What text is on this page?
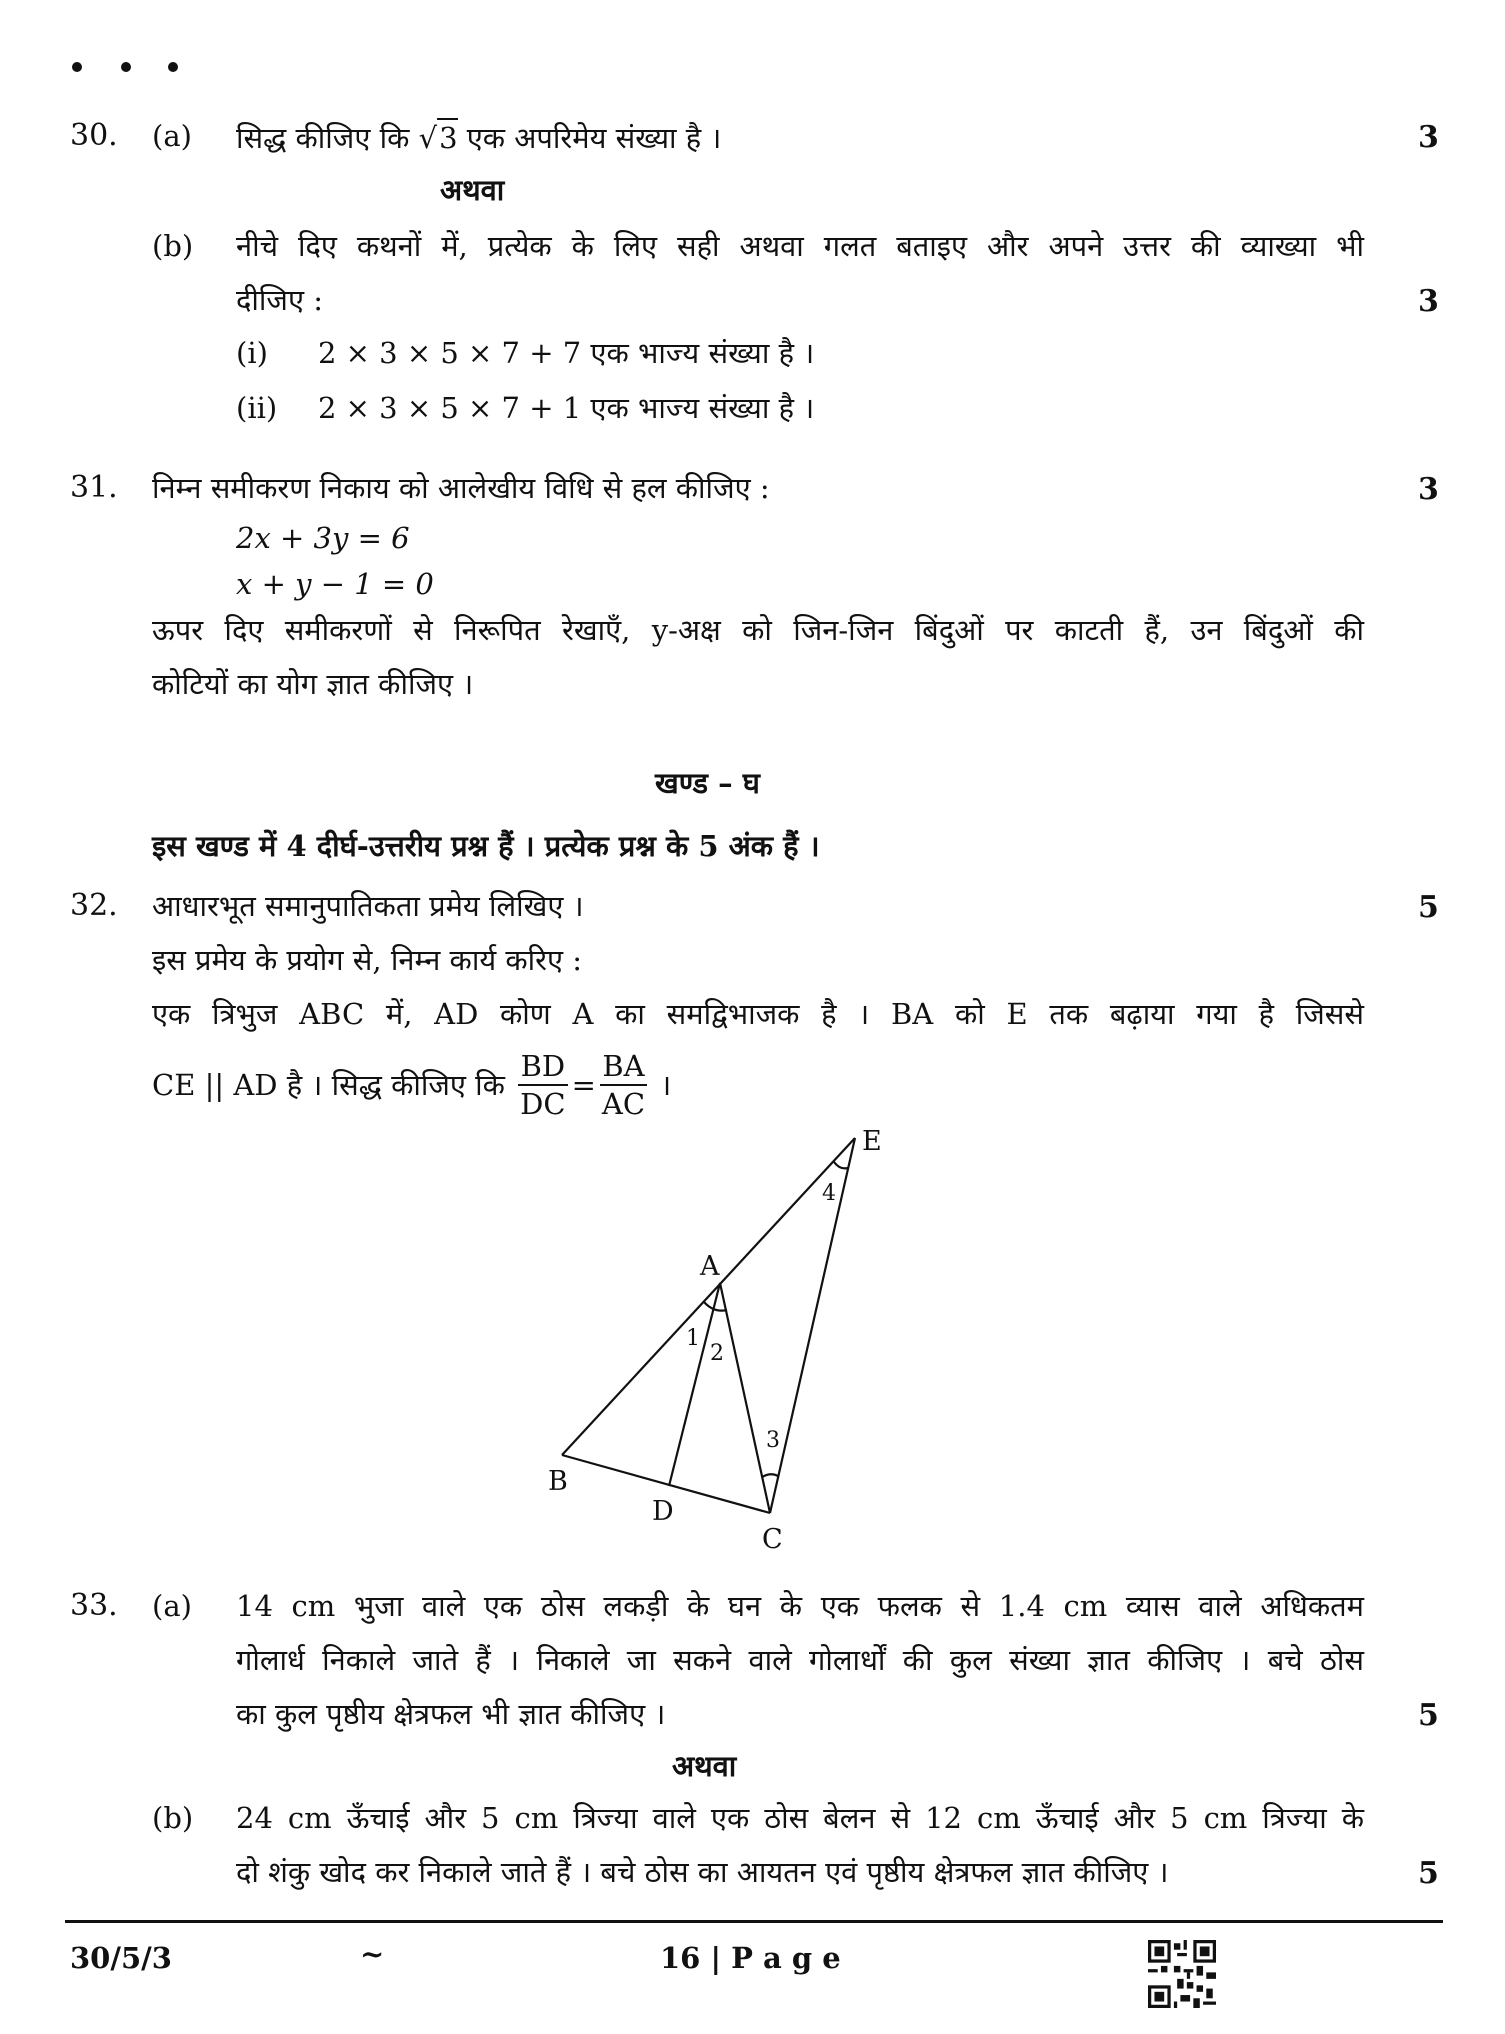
30. (a) सिद्ध कीजिए कि √3 एक अपरिमेय संख्या है ।	3
अथवा
(b) नीचे दिए कथनों में, प्रत्येक के लिए सही अथवा गलत बताइए और अपने उत्तर की व्याख्या भी
दीजिए :	3
(i) 2 × 3 × 5 × 7 + 7 एक भाज्य संख्या है ।
(ii) 2 × 3 × 5 × 7 + 1 एक भाज्य संख्या है ।
31. निम्न समीकरण निकाय को आलेखीय विधि से हल कीजिए :	3
2x + 3y = 6
x + y − 1 = 0
ऊपर दिए समीकरणों से निरूपित रेखाएँ, y-अक्ष को जिन-जिन बिंदुओं पर काटती हैं, उन बिंदुओं की
कोटियों का योग ज्ञात कीजिए ।
खण्ड – घ
इस खण्ड में 4 दीर्घ-उत्तरीय प्रश्न हैं । प्रत्येक प्रश्न के 5 अंक हैं ।
32. आधारभूत समानुपातिकता प्रमेय लिखिए ।	5
इस प्रमेय के प्रयोग से, निम्न कार्य करिए :
एक त्रिभुज ABC में, AD कोण A का समद्विभाजक है । BA को E तक बढ़ाया गया है जिससे
CE || AD है । सिद्ध कीजिए कि $\frac{BD}{DC} = \frac{BA}{AC}$ ।
E
A
B
D
C
1
2
3
4
33. (a) 14 cm भुजा वाले एक ठोस लकड़ी के घन के एक फलक से 1.4 cm व्यास वाले अधिकतम
गोलार्ध निकाले जाते हैं । निकाले जा सकने वाले गोलार्धों की कुल संख्या ज्ञात कीजिए । बचे ठोस
का कुल पृष्ठीय क्षेत्रफल भी ज्ञात कीजिए ।	5
अथवा
(b) 24 cm ऊँचाई और 5 cm त्रिज्या वाले एक ठोस बेलन से 12 cm ऊँचाई और 5 cm त्रिज्या के
दो शंकु खोद कर निकाले जाते हैं । बचे ठोस का आयतन एवं पृष्ठीय क्षेत्रफल ज्ञात कीजिए ।	5
30/5/3	~	16 | P a g e
